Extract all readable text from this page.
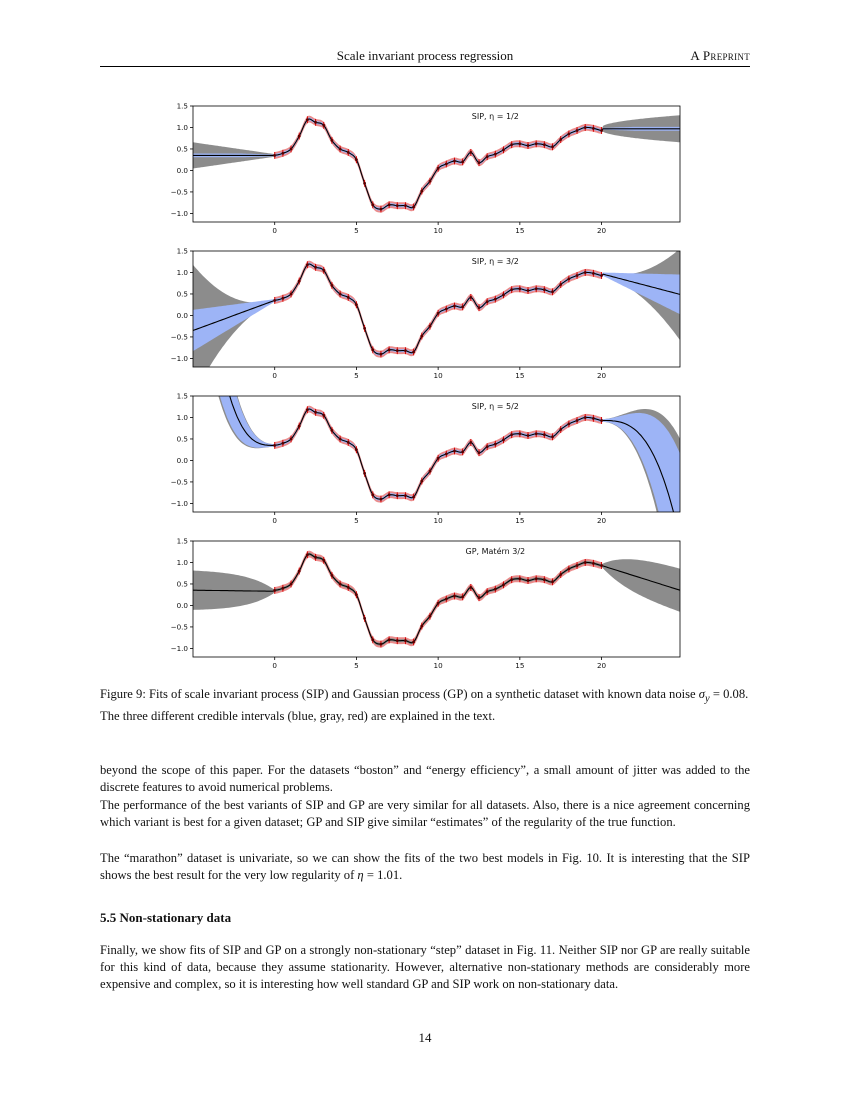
Scale invariant process regression	A Preprint
1.5
1.0
0.5
0.0
−0.5
−1.0
0	5	10	15	20
SIP, η = 1/2
1.5
1.0
0.5
0.0
−0.5
−1.0
0	5	10	15	20
SIP, η = 3/2
1.5
1.0
0.5
0.0
−0.5
−1.0
0	5	10	15	20
SIP, η = 5/2
1.5
1.0
0.5
0.0
−0.5
−1.0
0	5	10	15	20
GP, Matérn 3/2
Figure 9: Fits of scale invariant process (SIP) and Gaussian process (GP) on a synthetic dataset with known data noise $\sigma_y = 0.08$. The three different credible intervals (blue, gray, red) are explained in the text.

beyond the scope of this paper. For the datasets “boston” and “energy efficiency”, a small amount of jitter was added to the discrete features to avoid numerical problems.

The performance of the best variants of SIP and GP are very similar for all datasets. Also, there is a nice agreement concerning which variant is best for a given dataset; GP and SIP give similar “estimates” of the regularity of the true function.

The “marathon” dataset is univariate, so we can show the fits of the two best models in Fig. 10. It is interesting that the SIP shows the best result for the very low regularity of η = 1.01.

5.5 Non-stationary data

Finally, we show fits of SIP and GP on a strongly non-stationary “step” dataset in Fig. 11. Neither SIP nor GP are really suitable for this kind of data, because they assume stationarity. However, alternative non-stationary methods are considerably more expensive and complex, so it is interesting how well standard GP and SIP work on non-stationary data.

14
